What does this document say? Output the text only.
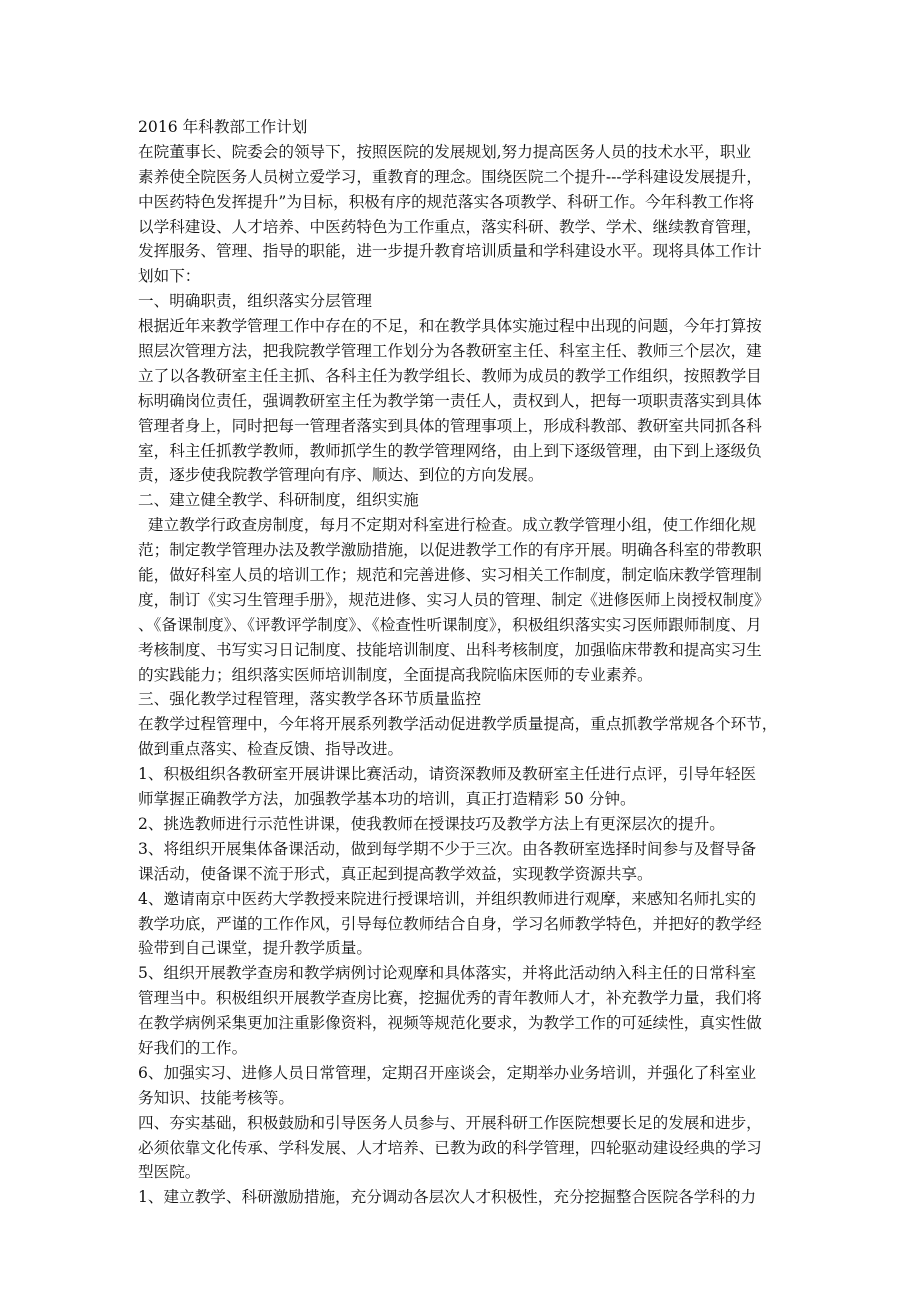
2016 年科教部工作计划
在院董事长、院委会的领导下，按照医院的发展规划,努力提高医务人员的技术水平，职业
素养使全院医务人员树立爱学习，重教育的理念。围绕医院二个提升---学科建设发展提升，
中医药特色发挥提升”为目标，积极有序的规范落实各项教学、科研工作。今年科教工作将
以学科建设、人才培养、中医药特色为工作重点，落实科研、教学、学术、继续教育管理，
发挥服务、管理、指导的职能，进一步提升教育培训质量和学科建设水平。现将具体工作计
划如下：
一、明确职责，组织落实分层管理
根据近年来教学管理工作中存在的不足，和在教学具体实施过程中出现的问题，今年打算按
照层次管理方法，把我院教学管理工作划分为各教研室主任、科室主任、教师三个层次，建
立了以各教研室主任主抓、各科主任为教学组长、教师为成员的教学工作组织，按照教学目
标明确岗位责任，强调教研室主任为教学第一责任人，责权到人，把每一项职责落实到具体
管理者身上，同时把每一管理者落实到具体的管理事项上，形成科教部、教研室共同抓各科
室，科主任抓教学教师，教师抓学生的教学管理网络，由上到下逐级管理，由下到上逐级负
责，逐步使我院教学管理向有序、顺达、到位的方向发展。
二、建立健全教学、科研制度，组织实施
建立教学行政查房制度，每月不定期对科室进行检查。成立教学管理小组，使工作细化规
范；制定教学管理办法及教学激励措施，以促进教学工作的有序开展。明确各科室的带教职
能，做好科室人员的培训工作；规范和完善进修、实习相关工作制度，制定临床教学管理制
度，制订《实习生管理手册》，规范进修、实习人员的管理、制定《进修医师上岗授权制度》
、《备课制度》、《评教评学制度》、《检查性听课制度》，积极组织落实实习医师跟师制度、月
考核制度、书写实习日记制度、技能培训制度、出科考核制度，加强临床带教和提高实习生
的实践能力；组织落实医师培训制度，全面提高我院临床医师的专业素养。
三、强化教学过程管理，落实教学各环节质量监控
在教学过程管理中，今年将开展系列教学活动促进教学质量提高，重点抓教学常规各个环节，
做到重点落实、检查反馈、指导改进。
1、积极组织各教研室开展讲课比赛活动，请资深教师及教研室主任进行点评，引导年轻医
师掌握正确教学方法，加强教学基本功的培训，真正打造精彩 50 分钟。
2、挑选教师进行示范性讲课，使我教师在授课技巧及教学方法上有更深层次的提升。
3、将组织开展集体备课活动，做到每学期不少于三次。由各教研室选择时间参与及督导备
课活动，使备课不流于形式，真正起到提高教学效益，实现教学资源共享。
4、邀请南京中医药大学教授来院进行授课培训，并组织教师进行观摩，来感知名师扎实的
教学功底，严谨的工作作风，引导每位教师结合自身，学习名师教学特色，并把好的教学经
验带到自己课堂，提升教学质量。
5、组织开展教学查房和教学病例讨论观摩和具体落实，并将此活动纳入科主任的日常科室
管理当中。积极组织开展教学查房比赛，挖掘优秀的青年教师人才，补充教学力量，我们将
在教学病例采集更加注重影像资料，视频等规范化要求，为教学工作的可延续性，真实性做
好我们的工作。
6、加强实习、进修人员日常管理，定期召开座谈会，定期举办业务培训，并强化了科室业
务知识、技能考核等。
四、夯实基础，积极鼓励和引导医务人员参与、开展科研工作医院想要长足的发展和进步，
必须依靠文化传承、学科发展、人才培养、已教为政的科学管理，四轮驱动建设经典的学习
型医院。
1、建立教学、科研激励措施，充分调动各层次人才积极性，充分挖掘整合医院各学科的力
